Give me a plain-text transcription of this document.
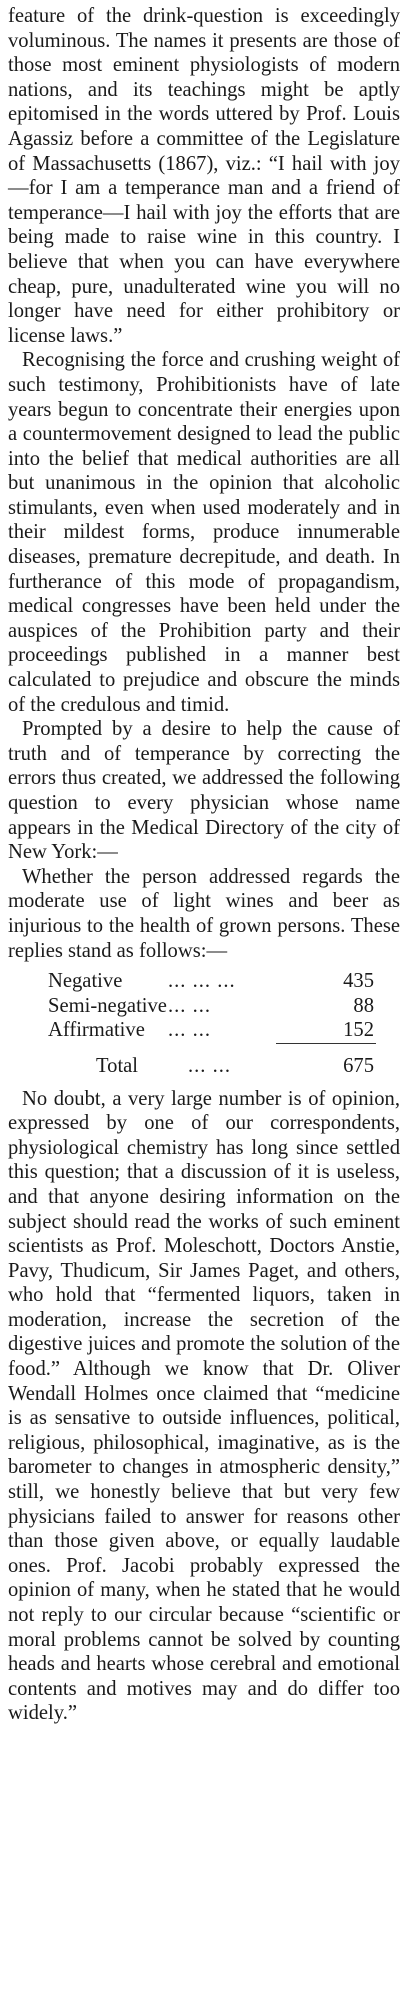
feature of the drink-question is exceedingly voluminous. The names it presents are those of those most eminent physiologists of modern nations, and its teachings might be aptly epitomised in the words uttered by Prof. Louis Agassiz before a committee of the Legislature of Massachusetts (1867), viz.: “I hail with joy—for I am a temperance man and a friend of temperance—I hail with joy the efforts that are being made to raise wine in this country. I believe that when you can have everywhere cheap, pure, unadulterated wine you will no longer have need for either prohibitory or license laws.”

Recognising the force and crushing weight of such testimony, Prohibitionists have of late years begun to concentrate their energies upon a countermovement designed to lead the public into the belief that medical authorities are all but unanimous in the opinion that alcoholic stimulants, even when used moderately and in their mildest forms, produce innumerable diseases, premature decrepitude, and death. In furtherance of this mode of propagandism, medical congresses have been held under the auspices of the Prohibition party and their proceedings published in a manner best calculated to prejudice and obscure the minds of the credulous and timid.

Prompted by a desire to help the cause of truth and of temperance by correcting the errors thus created, we addressed the following question to every physician whose name appears in the Medical Directory of the city of New York:—

Whether the person addressed regards the moderate use of light wines and beer as injurious to the health of grown persons. These replies stand as follows:—

Negative	... ... ...	435
Semi-negative ... ...	88
Affirmative	... ...	152
Total	... ...	675

No doubt, a very large number is of opinion, expressed by one of our correspondents, physiological chemistry has long since settled this question; that a discussion of it is useless, and that anyone desiring information on the subject should read the works of such eminent scientists as Prof. Moleschott, Doctors Anstie, Pavy, Thudicum, Sir James Paget, and others, who hold that “fermented liquors, taken in moderation, increase the secretion of the digestive juices and promote the solution of the food.” Although we know that Dr. Oliver Wendall Holmes once claimed that “medicine is as sensative to outside influences, political, religious, philosophical, imaginative, as is the barometer to changes in atmospheric density,” still, we honestly believe that but very few physicians failed to answer for reasons other than those given above, or equally laudable ones. Prof. Jacobi probably expressed the opinion of many, when he stated that he would not reply to our circular because “scientific or moral problems cannot be solved by counting heads and hearts whose cerebral and emotional contents and motives may and do differ too widely.”
